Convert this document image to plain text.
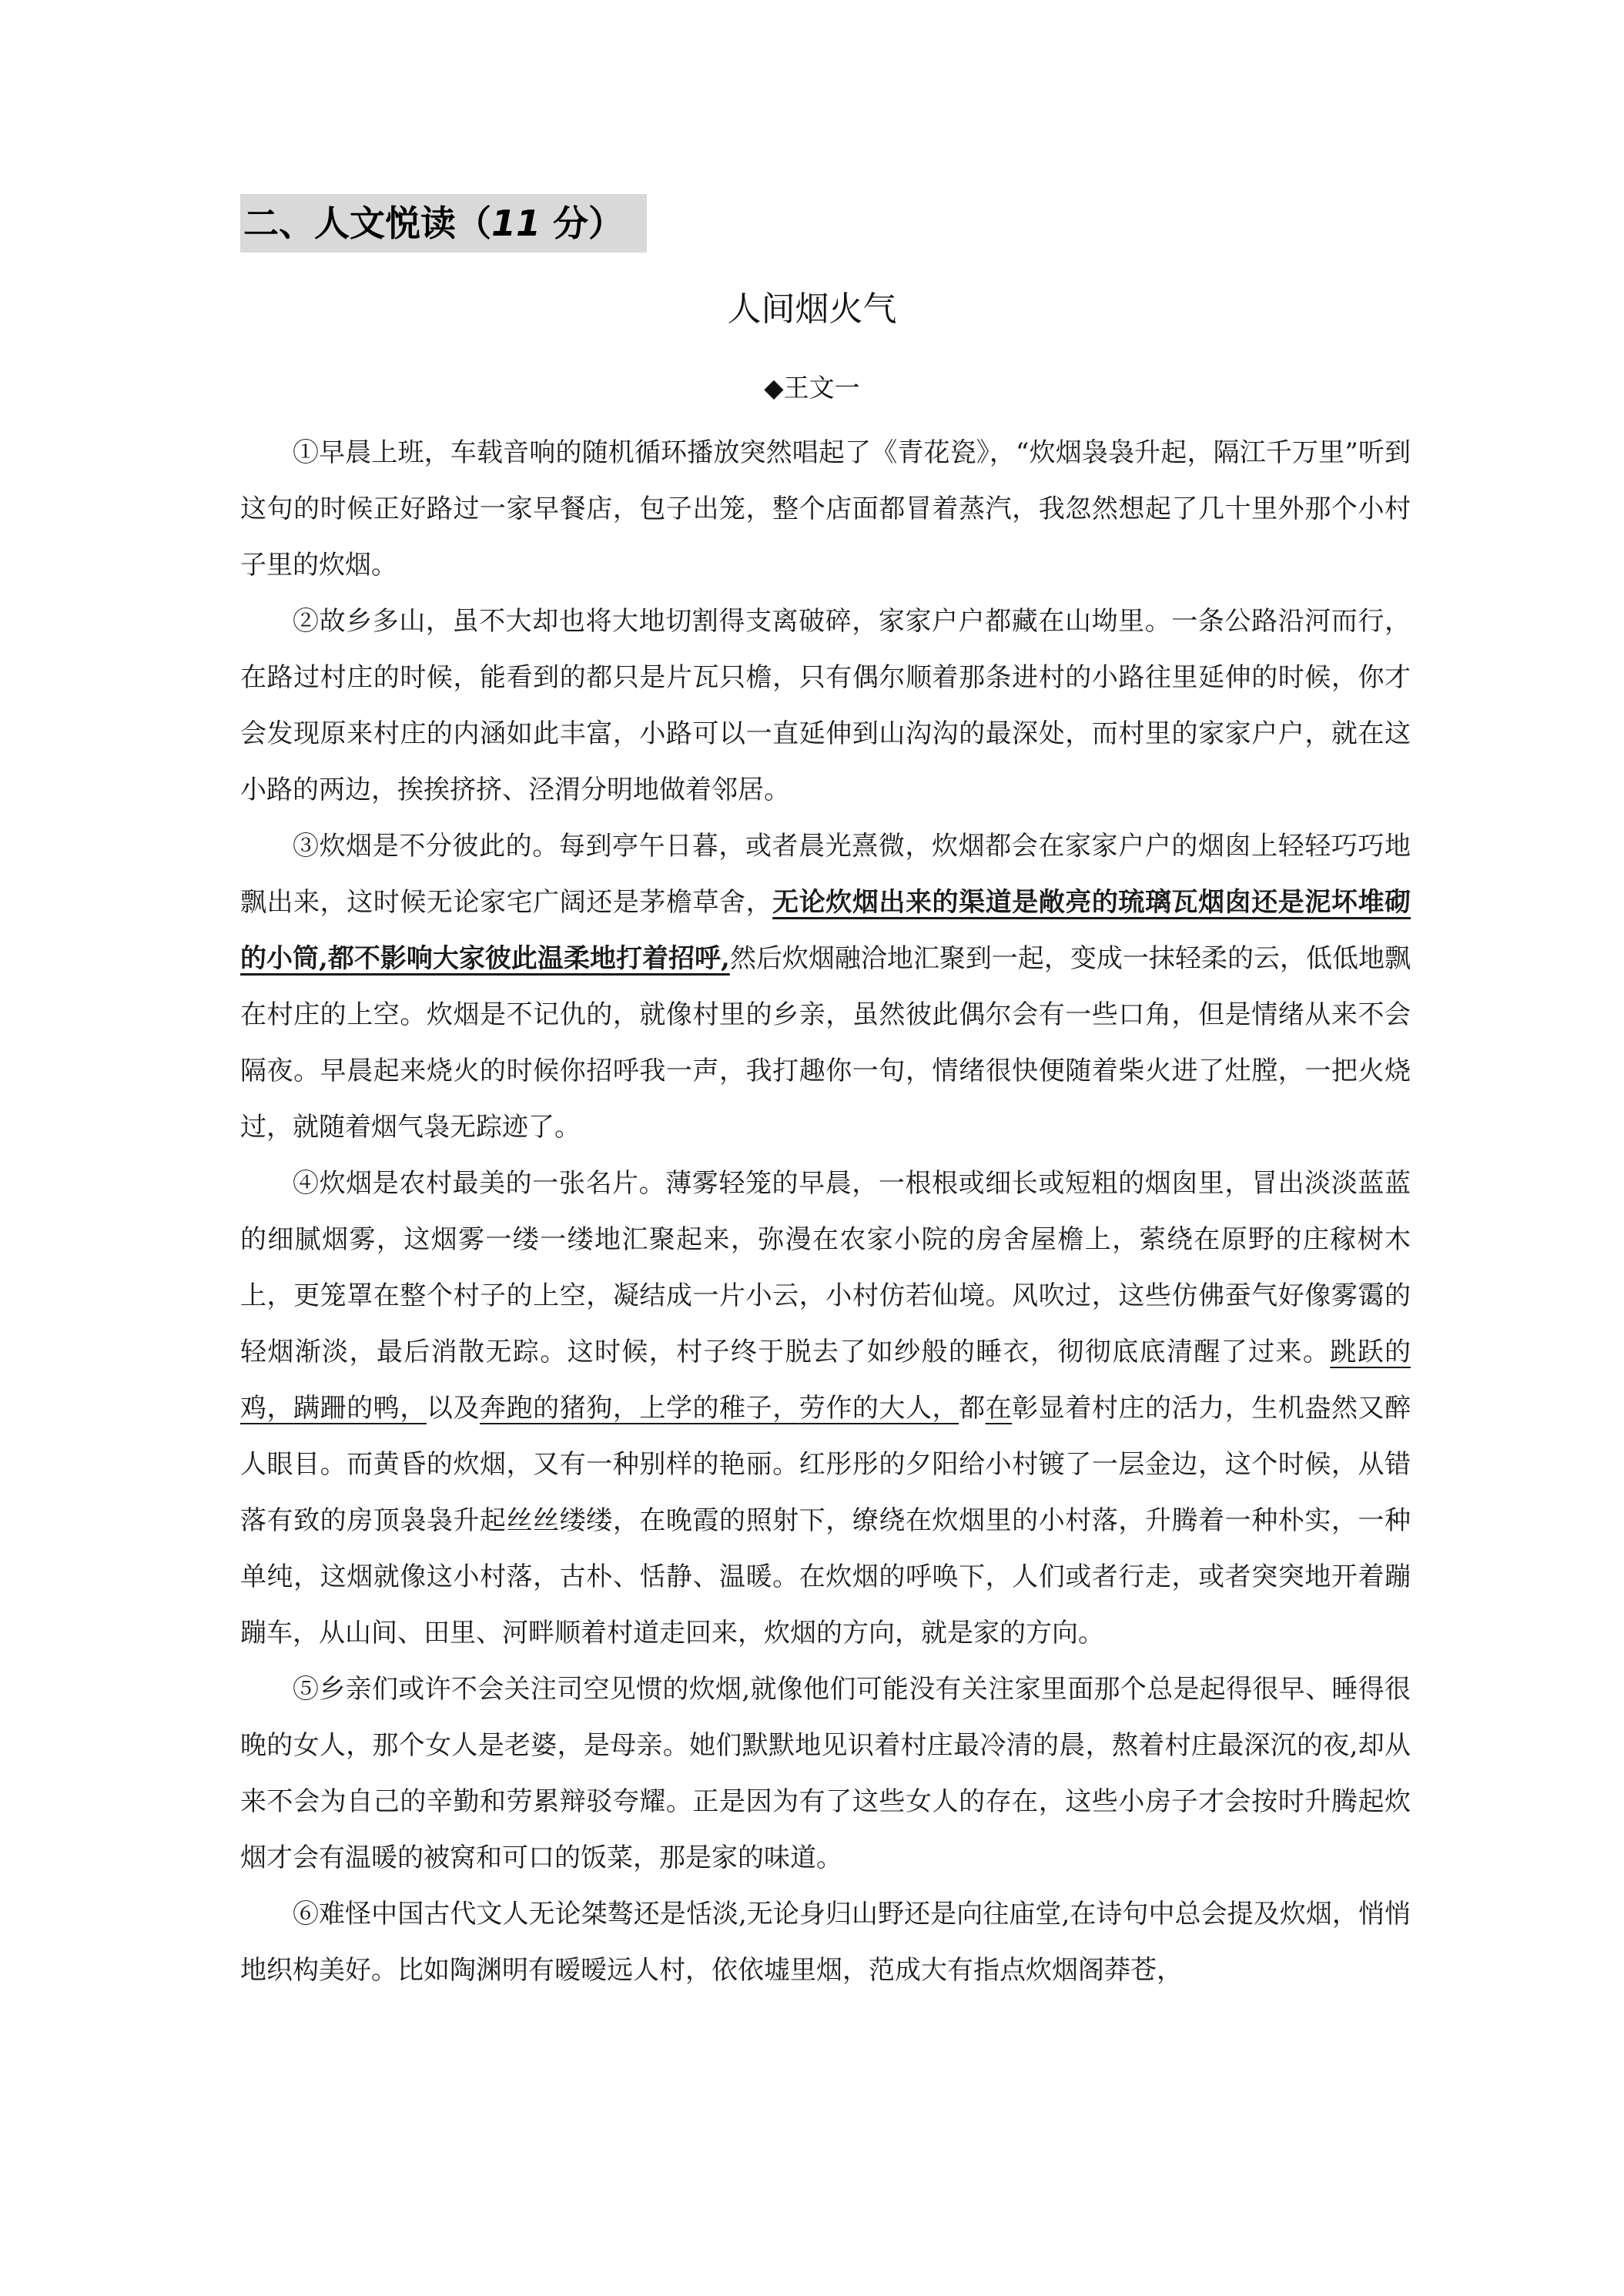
二、人文悦读（11 分）
人间烟火气
◆王文一

①早晨上班，车载音响的随机循环播放突然唱起了《青花瓷》，“炊烟袅袅升起，隔江千万里”听到这句的时候正好路过一家早餐店，包子出笼，整个店面都冒着蒸汽，我忽然想起了几十里外那个小村子里的炊烟。

②故乡多山，虽不大却也将大地切割得支离破碎，家家户户都藏在山坳里。一条公路沿河而行，在路过村庄的时候，能看到的都只是片瓦只檐，只有偶尔顺着那条进村的小路往里延伸的时候，你才会发现原来村庄的内涵如此丰富，小路可以一直延伸到山沟沟的最深处，而村里的家家户户，就在这小路的两边，挨挨挤挤、泾渭分明地做着邻居。

③炊烟是不分彼此的。每到亭午日暮，或者晨光熹微，炊烟都会在家家户户的烟囱上轻轻巧巧地飘出来，这时候无论家宅广阔还是茅檐草舍，无论炊烟出来的渠道是敞亮的琉璃瓦烟囱还是泥坏堆砌的小筒,都不影响大家彼此温柔地打着招呼,然后炊烟融洽地汇聚到一起，变成一抹轻柔的云，低低地飘在村庄的上空。炊烟是不记仇的，就像村里的乡亲，虽然彼此偶尔会有一些口角，但是情绪从来不会隔夜。早晨起来烧火的时候你招呼我一声，我打趣你一句，情绪很快便随着柴火进了灶膛，一把火烧过，就随着烟气袅无踪迹了。

④炊烟是农村最美的一张名片。薄雾轻笼的早晨，一根根或细长或短粗的烟囱里，冒出淡淡蓝蓝的细腻烟雾，这烟雾一缕一缕地汇聚起来，弥漫在农家小院的房舍屋檐上，萦绕在原野的庄稼树木上，更笼罩在整个村子的上空，凝结成一片小云，小村仿若仙境。风吹过，这些仿佛蚕气好像雾霭的轻烟渐淡，最后消散无踪。这时候，村子终于脱去了如纱般的睡衣，彻彻底底清醒了过来。跳跃的鸡，蹒跚的鸭，以及奔跑的猪狗，上学的稚子，劳作的大人，都在彰显着村庄的活力，生机盎然又醉人眼目。而黄昏的炊烟，又有一种别样的艳丽。红彤彤的夕阳给小村镀了一层金边，这个时候，从错落有致的房顶袅袅升起丝丝缕缕，在晚霞的照射下，缭绕在炊烟里的小村落，升腾着一种朴实，一种单纯，这烟就像这小村落，古朴、恬静、温暖。在炊烟的呼唤下，人们或者行走，或者突突地开着蹦蹦车，从山间、田里、河畔顺着村道走回来，炊烟的方向，就是家的方向。

⑤乡亲们或许不会关注司空见惯的炊烟,就像他们可能没有关注家里面那个总是起得很早、睡得很晚的女人，那个女人是老婆，是母亲。她们默默地见识着村庄最冷清的晨，熬着村庄最深沉的夜,却从来不会为自己的辛勤和劳累辩驳夸耀。正是因为有了这些女人的存在，这些小房子才会按时升腾起炊烟才会有温暖的被窝和可口的饭菜，那是家的味道。

⑥难怪中国古代文人无论桀骜还是恬淡,无论身归山野还是向往庙堂,在诗句中总会提及炊烟，悄悄地织构美好。比如陶渊明有暧暧远人村，依依墟里烟，范成大有指点炊烟阁莽苍，
